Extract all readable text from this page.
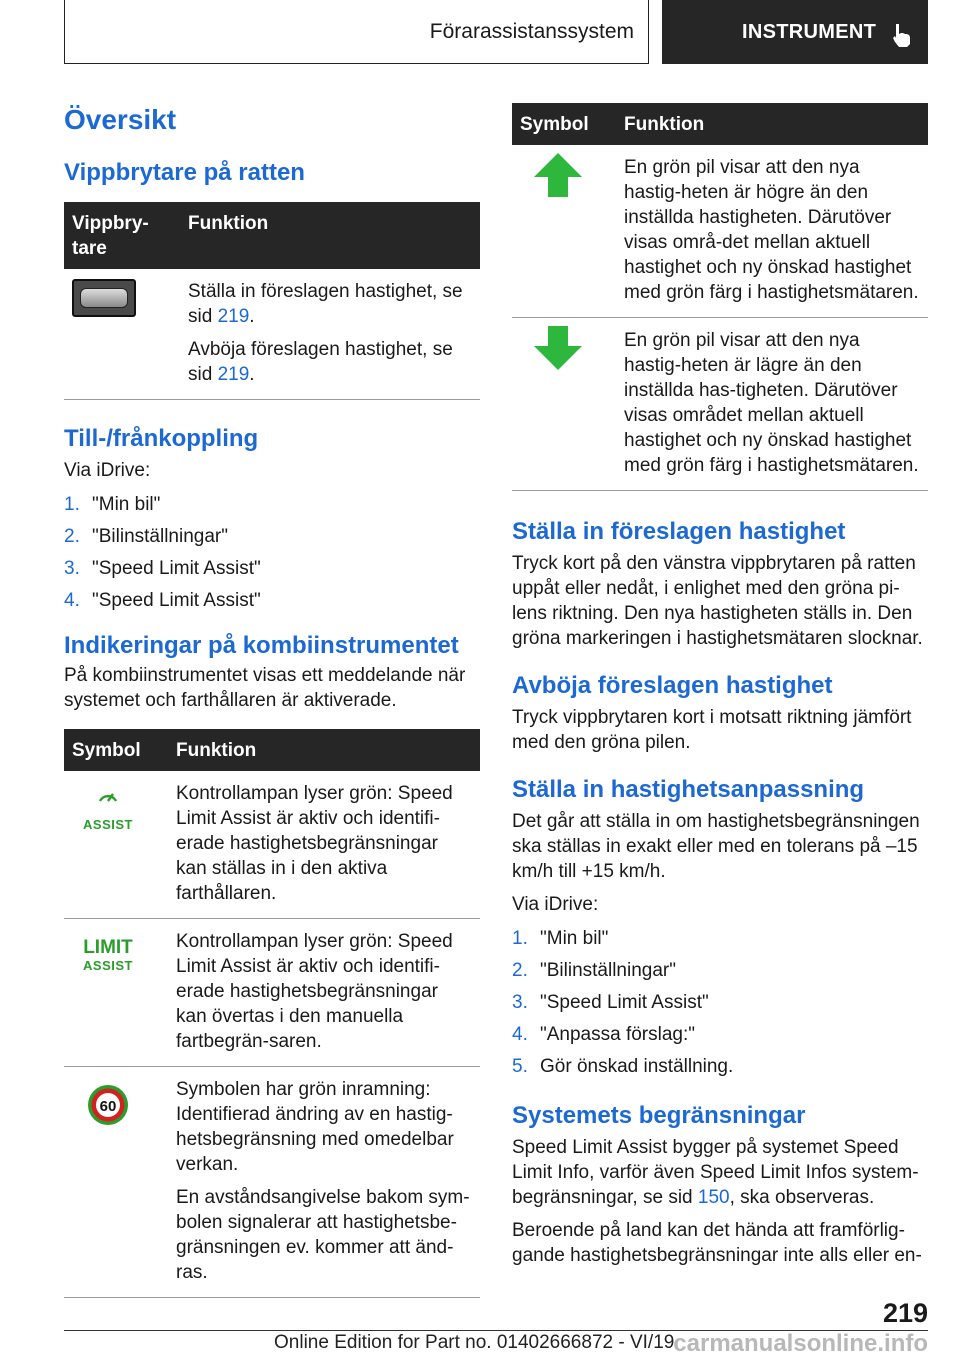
Förarassistanssystem	INSTRUMENT
Översikt
Vippbrytare på ratten
Vippbry-tare	Funktion

	Ställa in föreslagen hastighet, se sid 219.

Avböja föreslagen hastighet, se sid 219.

Till-/frånkoppling

Via iDrive:

1. "Min bil"
2. "Bilinställningar"
3. "Speed Limit Assist"
4. "Speed Limit Assist"
Indikeringar på kombiinstrumentet

På kombiinstrumentet visas ett meddelande när systemet och farthållaren är aktiverade.

Symbol	Funktion

ASSIST	Kontrollampan lyser grön: Speed Limit Assist är aktiv och identifi-erade hastighetsbegränsningar kan ställas in i den aktiva farthållaren.

LIMIT
ASSIST	Kontrollampan lyser grön: Speed Limit Assist är aktiv och identifi-erade hastighetsbegränsningar kan övertas i den manuella fartbegrän-saren.

60	Symbolen har grön inramning: Identifierad ändring av en hastig-hetsbegränsning med omedelbar verkan.

En avståndsangivelse bakom sym-bolen signalerar att hastighetsbe-gränsningen ev. kommer att änd-ras.

Symbol	Funktion

En grön pil visar att den nya hastig-heten är högre än den inställda hastigheten. Därutöver visas områ-det mellan aktuell hastighet och ny önskad hastighet med grön färg i hastighetsmätaren.

En grön pil visar att den nya hastig-heten är lägre än den inställda has-tigheten. Därutöver visas området mellan aktuell hastighet och ny önskad hastighet med grön färg i hastighetsmätaren.

Ställa in föreslagen hastighet

Tryck kort på den vänstra vippbrytaren på ratten uppåt eller nedåt, i enlighet med den gröna pi-lens riktning. Den nya hastigheten ställs in. Den gröna markeringen i hastighetsmätaren slocknar.

Avböja föreslagen hastighet

Tryck vippbrytaren kort i motsatt riktning jämfört med den gröna pilen.

Ställa in hastighetsanpassning

Det går att ställa in om hastighetsbegränsningen ska ställas in exakt eller med en tolerans på –15 km/h till +15 km/h.

Via iDrive:

1. "Min bil"
2. "Bilinställningar"
3. "Speed Limit Assist"
4. "Anpassa förslag:"
5. Gör önskad inställning.
Systemets begränsningar

Speed Limit Assist bygger på systemet Speed Limit Info, varför även Speed Limit Infos system-begränsningar, se sid 150, ska observeras.

Beroende på land kan det hända att framförlig-gande hastighetsbegränsningar inte alls eller en-

219
Online Edition for Part no. 01402666872 - VI/19
carmanualsonline.info
